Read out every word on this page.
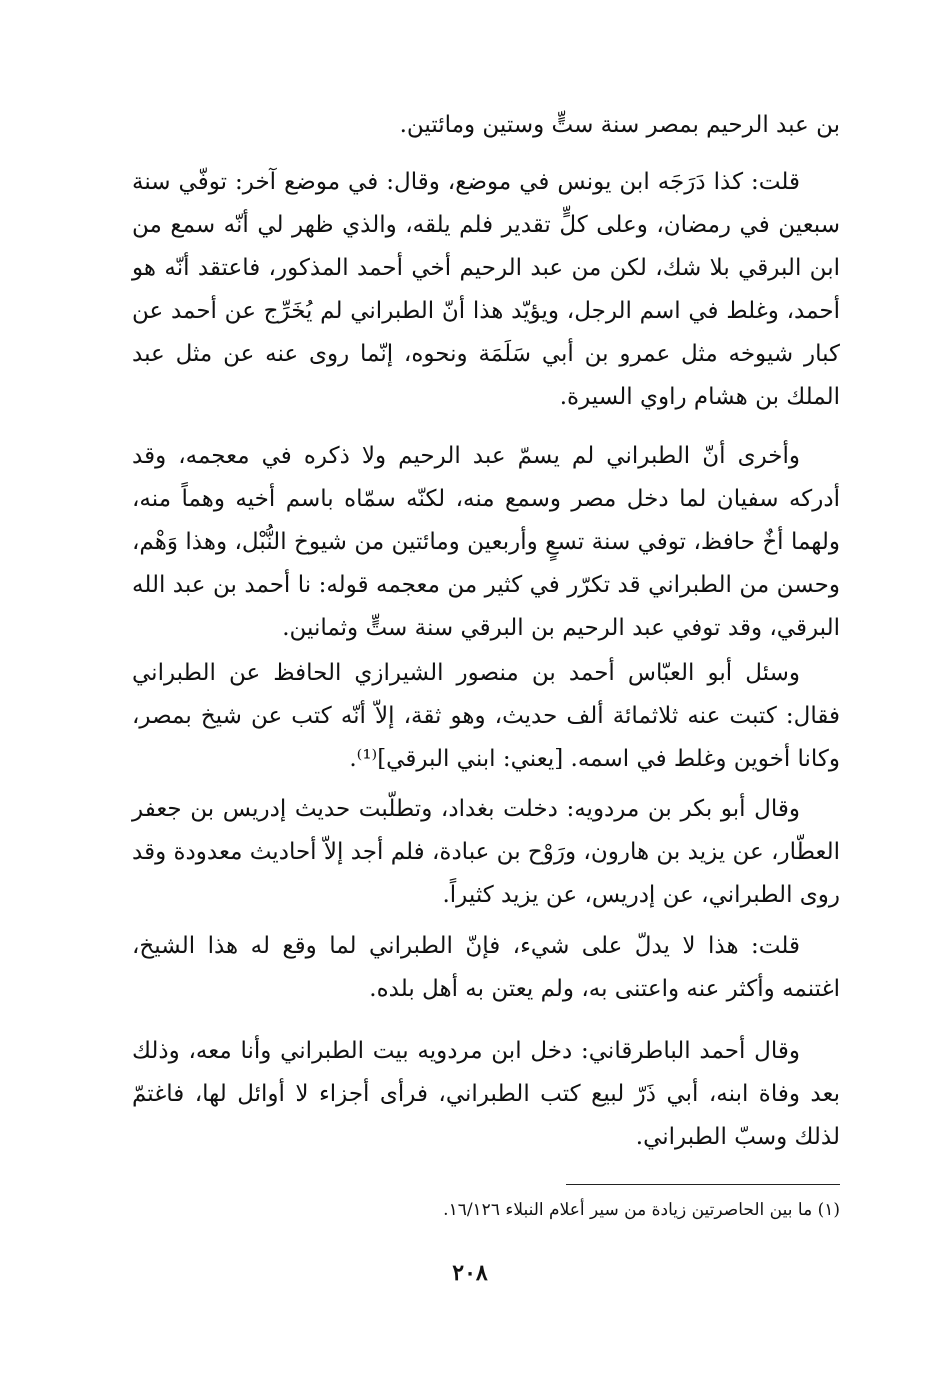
بن عبد الرحيم بمصر سنة ستٍّ وستين ومائتين.

قلت: كذا دَرَجَه ابن يونس في موضع، وقال: في موضع آخر: توفّي سنة سبعين في رمضان، وعلى كلٍّ تقدير فلم يلقه، والذي ظهر لي أنّه سمع من ابن البرقي بلا شك، لكن من عبد الرحيم أخي أحمد المذكور، فاعتقد أنّه هو أحمد، وغلط في اسم الرجل، ويؤيّد هذا أنّ الطبراني لم يُخَرِّج عن أحمد عن كبار شيوخه مثل عمرو بن أبي سَلَمَة ونحوه، إنّما روى عنه عن مثل عبد الملك بن هشام راوي السيرة.

وأخرى أنّ الطبراني لم يسمّ عبد الرحيم ولا ذكره في معجمه، وقد أدركه سفيان لما دخل مصر وسمع منه، لكنّه سمّاه باسم أخيه وهماً منه، ولهما أخٌ حافظ، توفي سنة تسعٍ وأربعين ومائتين من شيوخ النُّبْل، وهذا وَهْم، وحسن من الطبراني قد تكرّر في كثير من معجمه قوله: نا أحمد بن عبد الله البرقي، وقد توفي عبد الرحيم بن البرقي سنة ستٍّ وثمانين.

وسئل أبو العبّاس أحمد بن منصور الشيرازي الحافظ عن الطبراني فقال: كتبت عنه ثلاثمائة ألف حديث، وهو ثقة، إلاّ أنّه كتب عن شيخ بمصر، وكانا أخوين وغلط في اسمه. [يعني: ابني البرقي]⁽¹⁾.

وقال أبو بكر بن مردويه: دخلت بغداد، وتطلّبت حديث إدريس بن جعفر العطّار، عن يزيد بن هارون، ورَوْح بن عبادة، فلم أجد إلاّ أحاديث معدودة وقد روى الطبراني، عن إدريس، عن يزيد كثيراً.

قلت: هذا لا يدلّ على شيء، فإنّ الطبراني لما وقع له هذا الشيخ، اغتنمه وأكثر عنه واعتنى به، ولم يعتن به أهل بلده.

وقال أحمد الباطرقاني: دخل ابن مردويه بيت الطبراني وأنا معه، وذلك بعد وفاة ابنه، أبي ذَرّ لبيع كتب الطبراني، فرأى أجزاء لا أوائل لها، فاغتمّ لذلك وسبّ الطبراني.

(١) ما بين الحاصرتين زيادة من سير أعلام النبلاء ١٦/١٢٦.
٢٠٨
